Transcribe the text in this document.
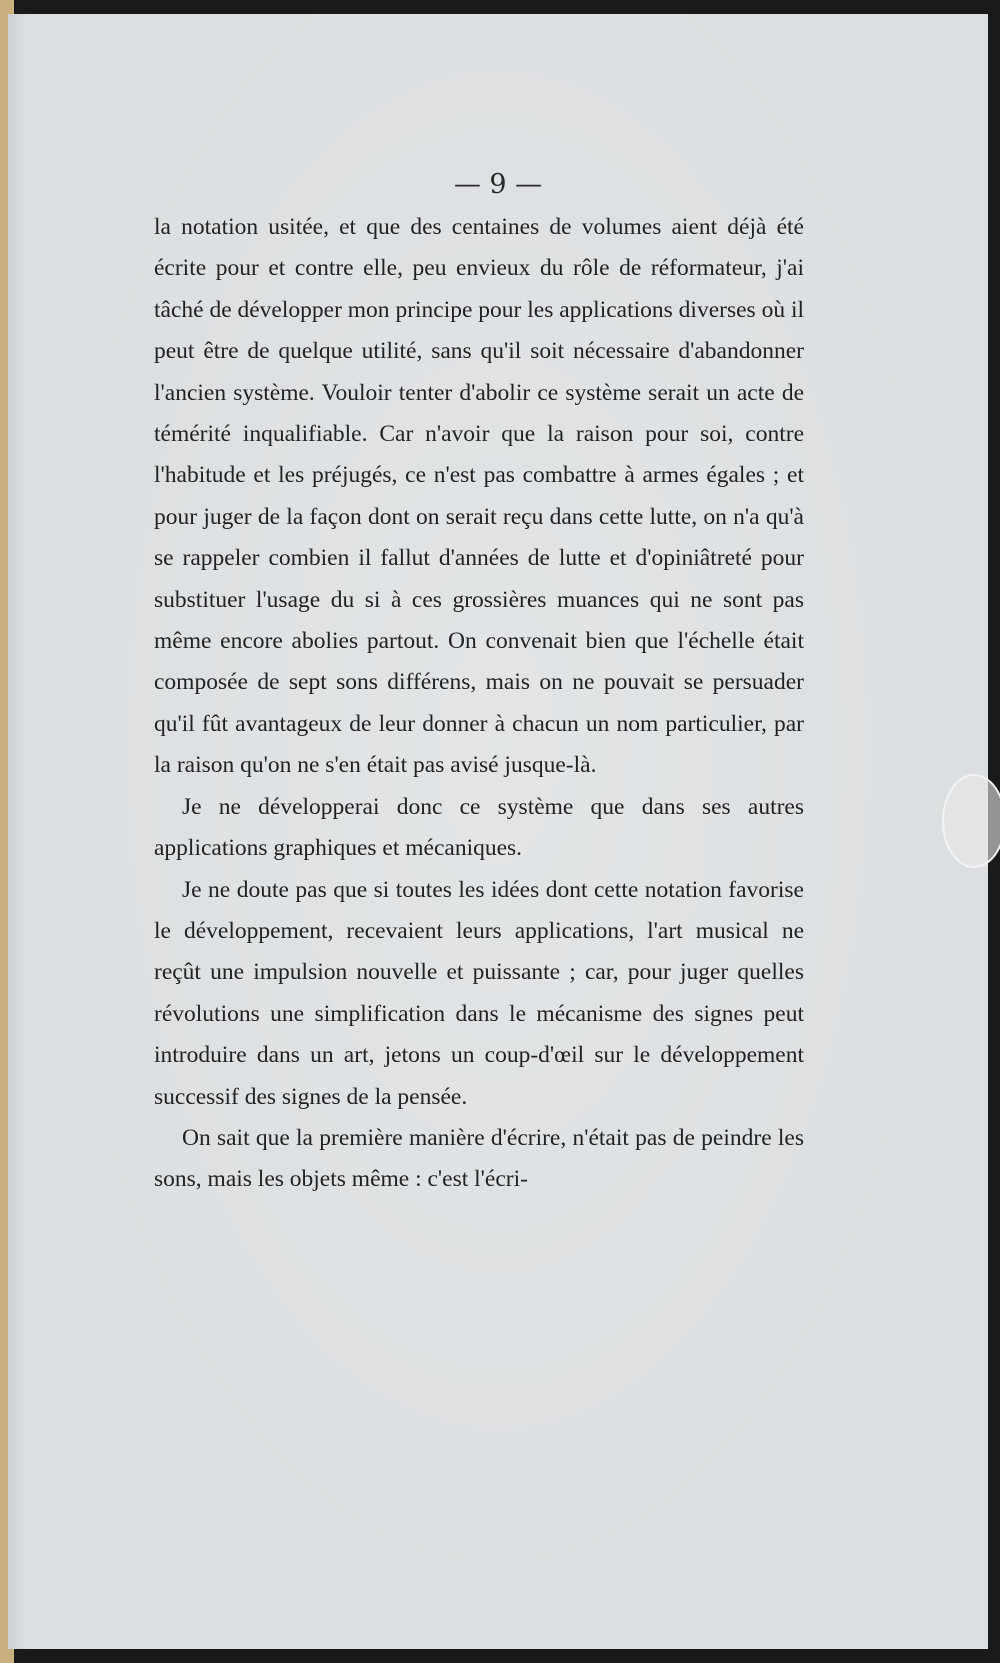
— 9 —

la notation usitée, et que des centaines de volumes aient déjà été écrite pour et contre elle, peu envieux du rôle de réformateur, j'ai tâché de développer mon principe pour les applications diverses où il peut être de quelque utilité, sans qu'il soit nécessaire d'abandonner l'ancien système. Vouloir tenter d'abolir ce système serait un acte de témérité inqualifiable. Car n'avoir que la raison pour soi, contre l'habitude et les préjugés, ce n'est pas combattre à armes égales ; et pour juger de la façon dont on serait reçu dans cette lutte, on n'a qu'à se rappeler combien il fallut d'années de lutte et d'opiniâtreté pour substituer l'usage du si à ces grossières muances qui ne sont pas même encore abolies partout. On convenait bien que l'échelle était composée de sept sons différens, mais on ne pouvait se persuader qu'il fût avantageux de leur donner à chacun un nom particulier, par la raison qu'on ne s'en était pas avisé jusque-là.

Je ne développerai donc ce système que dans ses autres applications graphiques et mécaniques.

Je ne doute pas que si toutes les idées dont cette notation favorise le développement, recevaient leurs applications, l'art musical ne reçût une impulsion nouvelle et puissante ; car, pour juger quelles révolutions une simplification dans le mécanisme des signes peut introduire dans un art, jetons un coup-d'œil sur le développement successif des signes de la pensée.

On sait que la première manière d'écrire, n'était pas de peindre les sons, mais les objets même : c'est l'écri-
